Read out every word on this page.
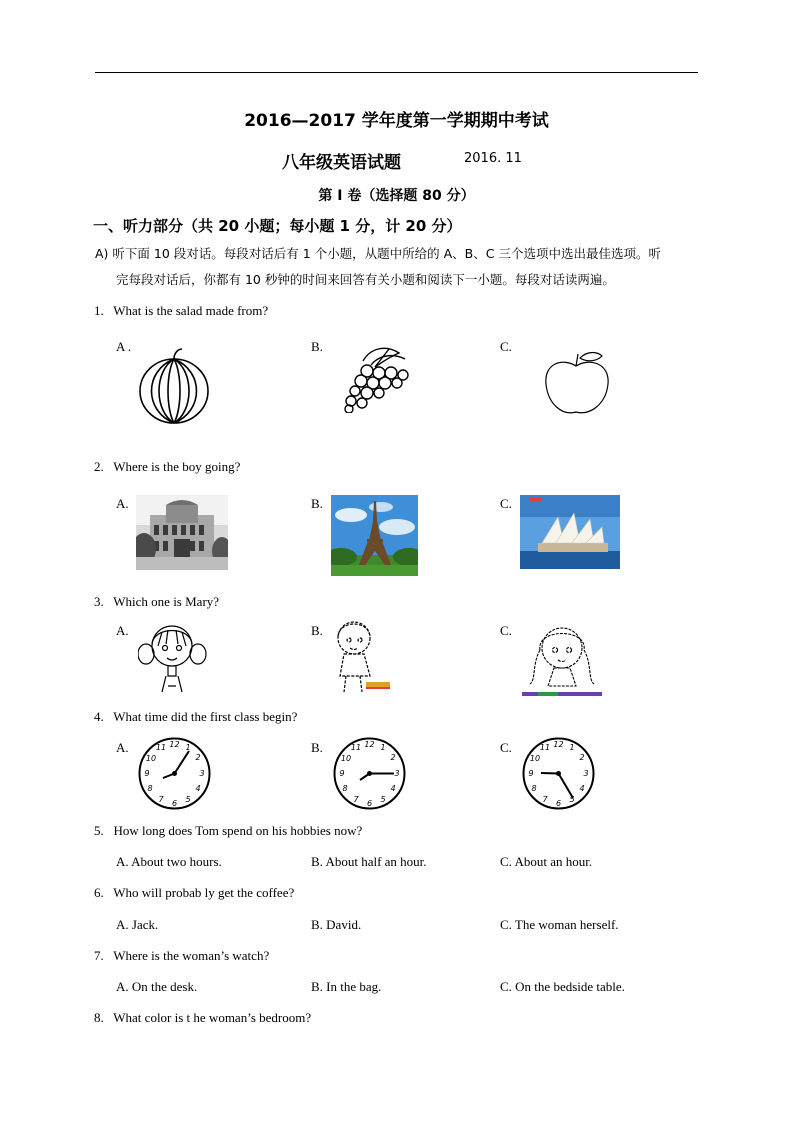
2016—2017 学年度第一学期期中考试
八年级英语试题	2016. 11
第 I 卷（选择题 80 分）
一、听力部分（共 20 小题；每小题 1 分，计 20 分）
A) 听下面 10 段对话。每段对话后有 1 个小题，从题中所给的 A、B、C 三个选项中选出最佳选项。听
完每段对话后，你都有 10 秒钟的时间来回答有关小题和阅读下一小题。每段对话读两遍。
1. What is the salad made from?
A .	B.	C.
2. Where is the boy going?
A.	B.	C.
3. Which one is Mary?
A.	B.	C.
4. What time did the first class begin?
A.	B.	C.
12 1
2
3
4
5
6
7
8
9
10
11	12 1
2
3
4
5
6
7
8
9
10
11	12 1
2
3
4
5
6
7
8
9
10
11
5. How long does Tom spend on his hobbies now?
A. About two hours.	B. About half an hour.	C. About an hour.
6. Who will probab ly get the coffee?
A. Jack.	B. David.	C. The woman herself.
7. Where is the woman’s watch?
A. On the desk.	B. In the bag.	C. On the bedside table.
8. What color is t he woman’s bedroom?
